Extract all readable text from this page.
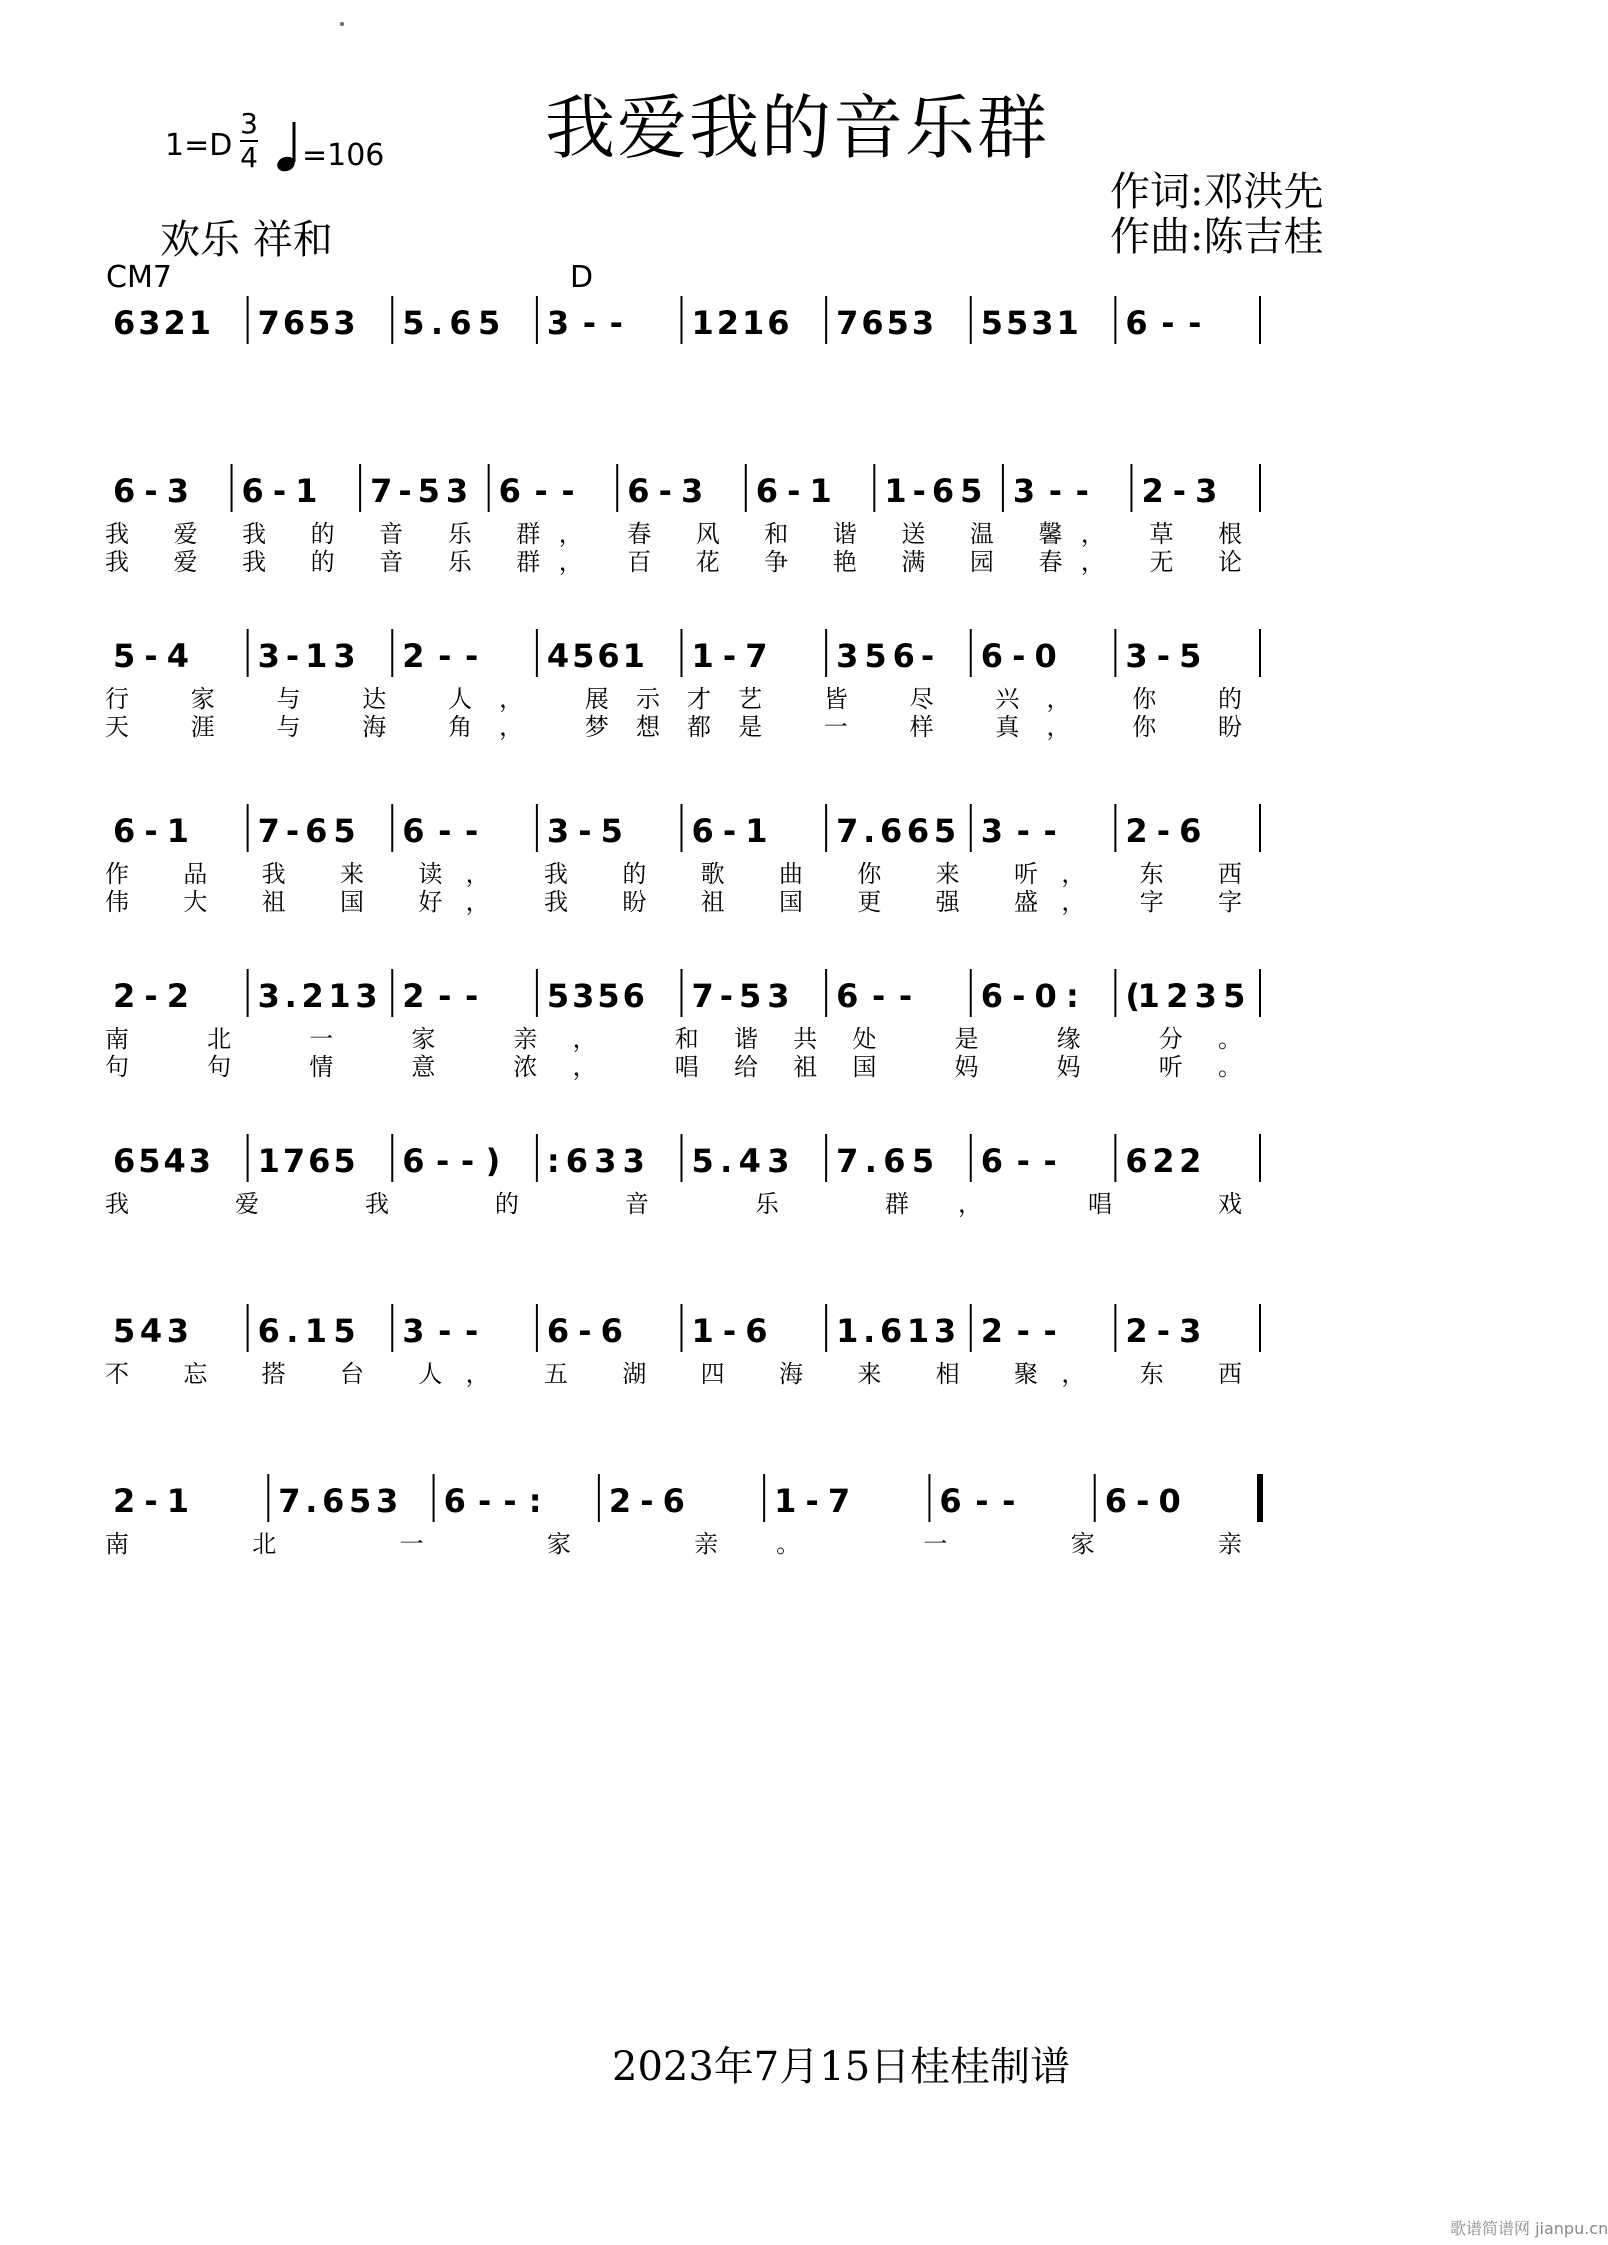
我爱我的音乐群
1=D
3
4 =106
欢乐 祥和
作词:邓洪先
作曲:陈吉桂
CM7	D
6 3 2 1 7 6 5 3 5 . 6 5 3 - - 1 2 1 6 7 6 5 3 5 5 3 1 6 - -
6 - 3 6 - 1 7 - 5 3 6 - - 6 - 3 6 - 1 1 - 6 5 3 - - 2 - 3
我 爱 我 的 音 乐 群， 春 风 和 谐 送 温 馨， 草 根
我 爱 我 的 音 乐 群， 百 花 争 艳 满 园 春， 无 论
5 - 4 3 - 1 3 2 - - 4 5 6 1 1 - 7 3 5 6 - 6 - 0 3 - 5
行 家 与 达 人， 展示才艺 皆 尽 兴， 你 的
天 涯 与 海 角， 梦想都是 一 样 真， 你 盼
6 - 1 7 - 6 5 6 - - 3 - 5 6 - 1 7 . 6 6 5 3 - - 2 - 6
作 品 我 来 读， 我 的 歌 曲 你 来 听， 东 西
伟 大 祖 国 好， 我 盼 祖 国 更 强 盛， 字 字
2 - 2 3 . 2 1 3 2 - - 5 3 5 6 7 - 5 3 6 - - 6 - 0 : (1 2 3 5
南 北 一 家 亲， 和谐共处 是 缘 分。
句 句 情 意 浓， 唱给祖国 妈 妈 听。
6 5 4 3 1 7 6 5 6 - - ) : 6 3 3 5 . 4 3 7 . 6 5 6 - - 6 2 2
我 爱 我 的 音 乐 群， 唱 戏
5 4 3 6 . 1 5 3 - - 6 - 6 1 - 6 1 . 6 1 3 2 - - 2 - 3
不 忘 搭 台 人， 五 湖 四 海 来 相 聚， 东 西
2 - 1	7 . 6 5 3 6 - - : 2 - 6	1 - 7	6 - -	6 - 0
南 北 一 家 亲。 一 家 亲
2023年7月15日桂桂制谱
歌谱简谱网 jianpu.cn
